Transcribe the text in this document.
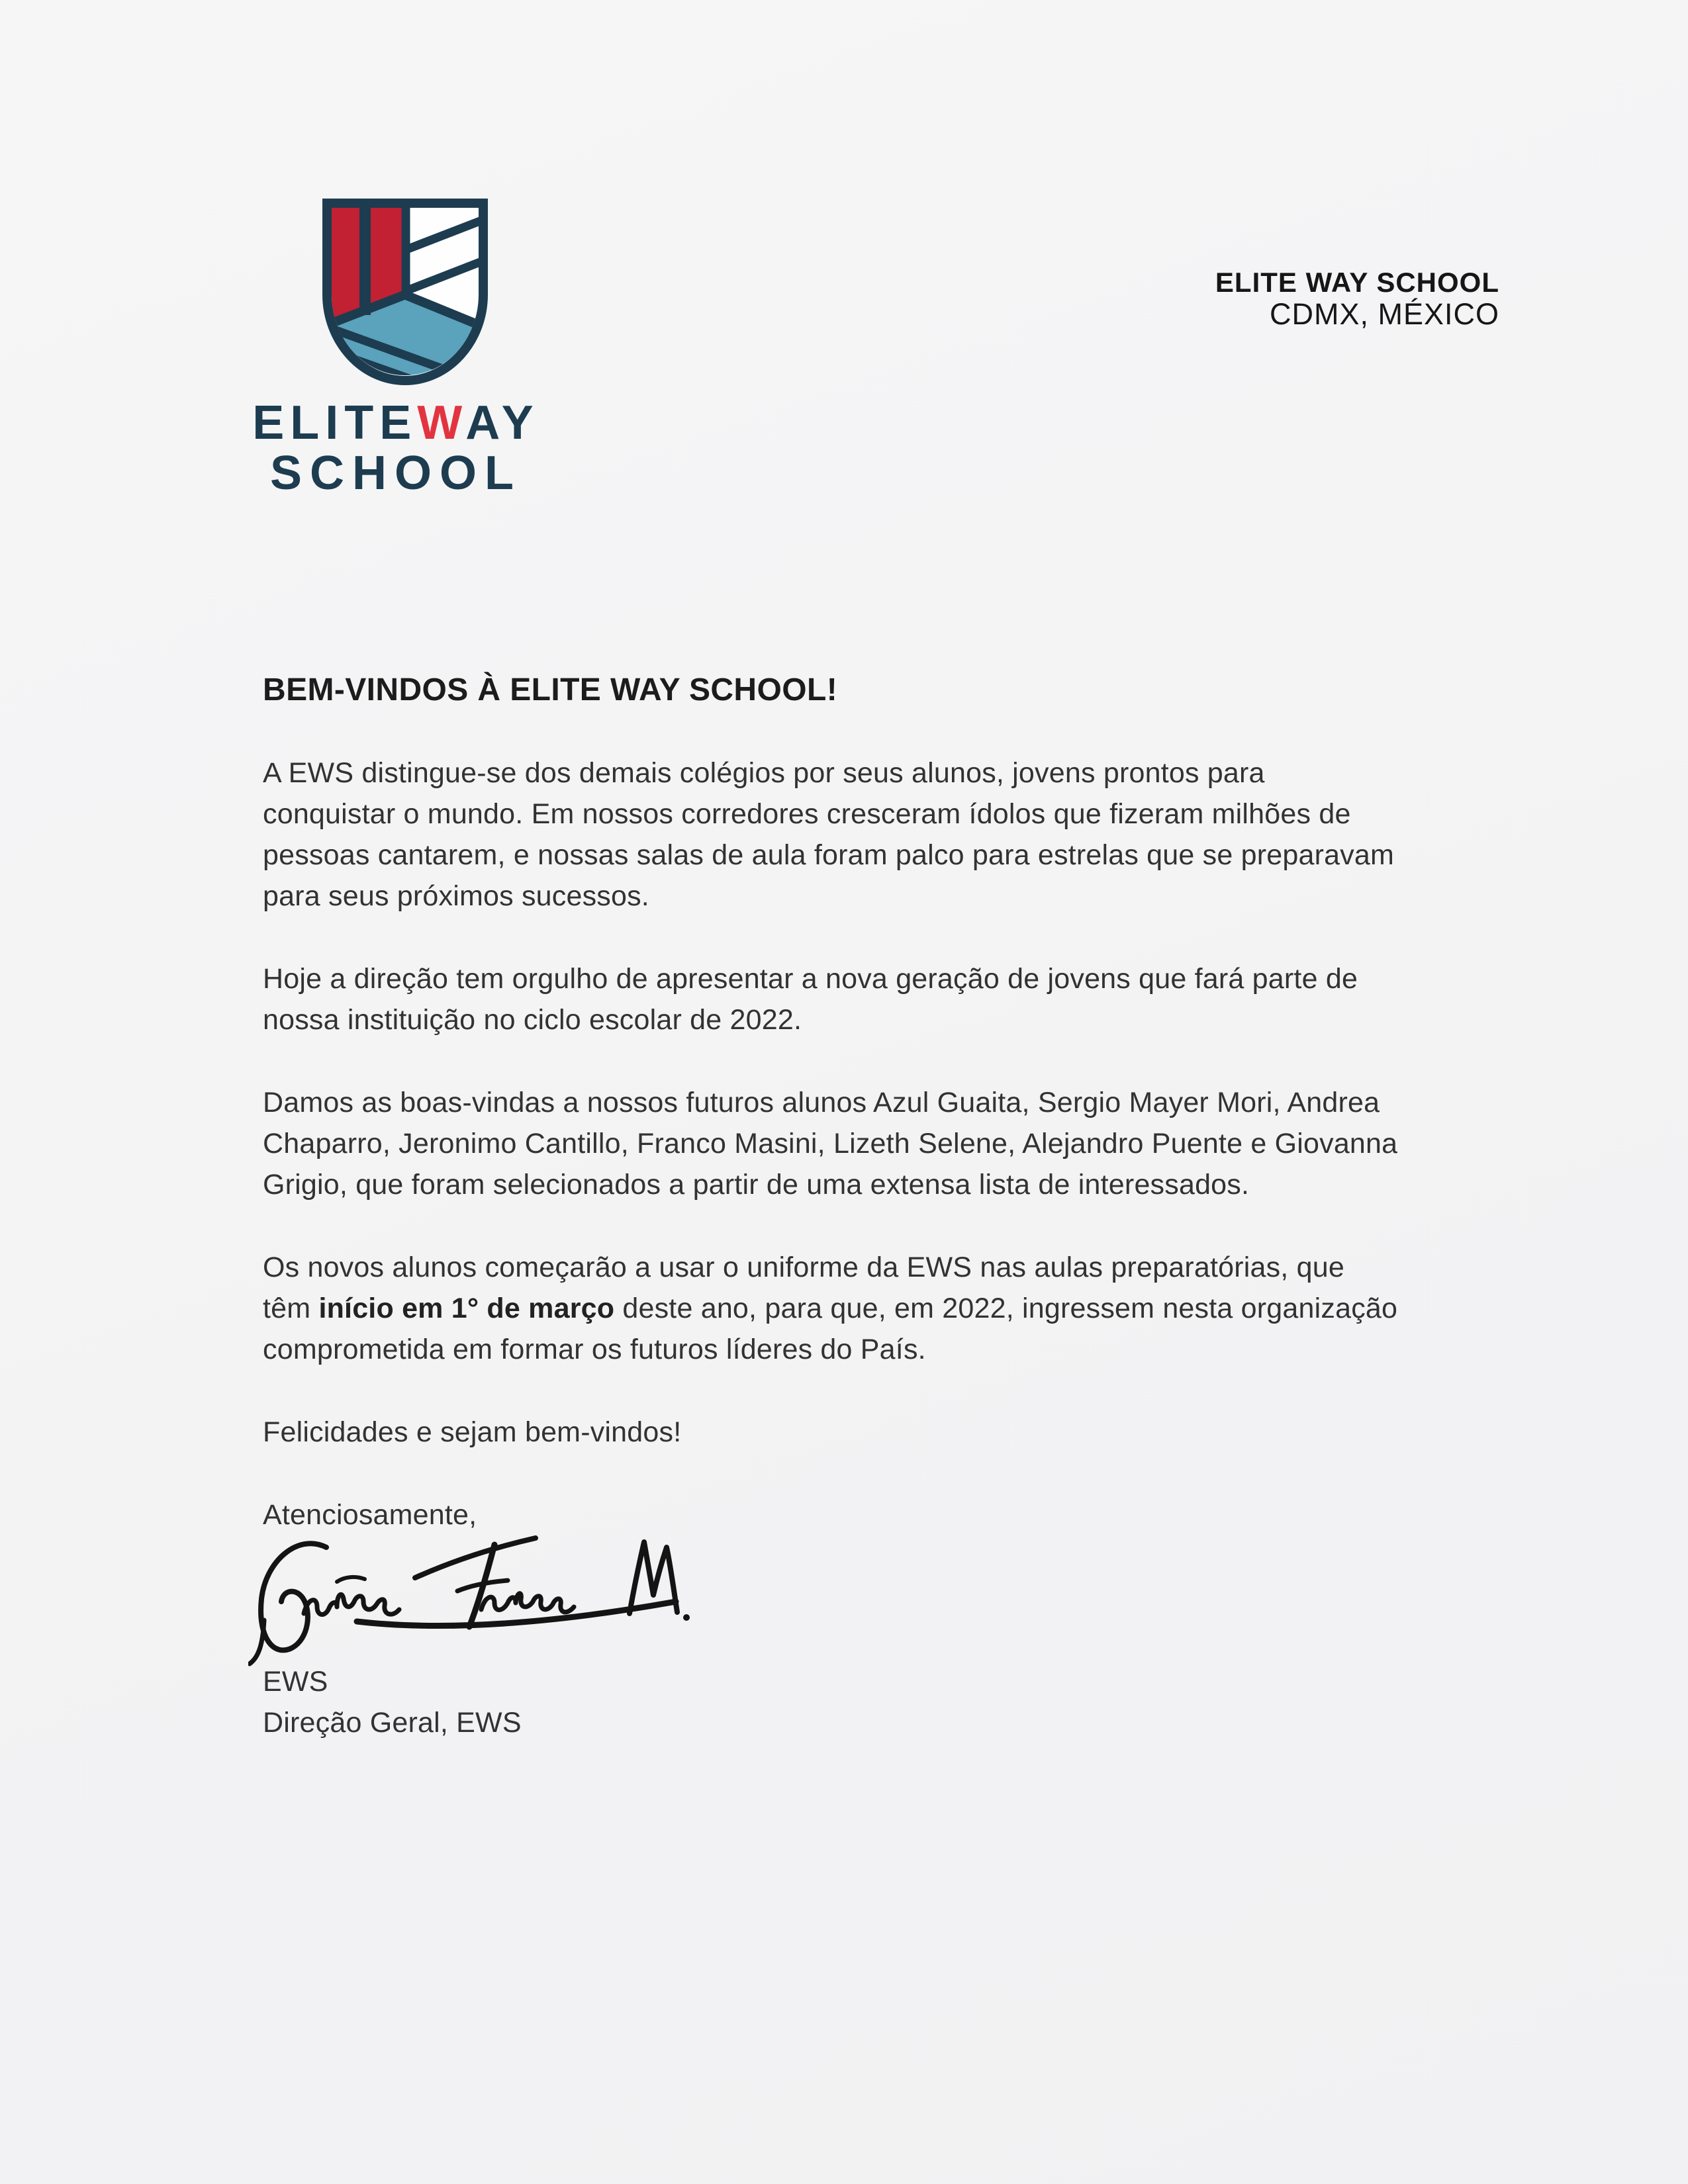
ELITEWAY
SCHOOL
ELITE WAY SCHOOL
CDMX, MÉXICO
BEM-VINDOS À ELITE WAY SCHOOL!

A EWS distingue-se dos demais colégios por seus alunos, jovens prontos para
conquistar o mundo. Em nossos corredores cresceram ídolos que fizeram milhões de
pessoas cantarem, e nossas salas de aula foram palco para estrelas que se preparavam
para seus próximos sucessos.

Hoje a direção tem orgulho de apresentar a nova geração de jovens que fará parte de
nossa instituição no ciclo escolar de 2022.

Damos as boas-vindas a nossos futuros alunos Azul Guaita, Sergio Mayer Mori, Andrea
Chaparro, Jeronimo Cantillo, Franco Masini, Lizeth Selene, Alejandro Puente e Giovanna
Grigio, que foram selecionados a partir de uma extensa lista de interessados.

Os novos alunos começarão a usar o uniforme da EWS nas aulas preparatórias, que
têm início em 1° de março deste ano, para que, em 2022, ingressem nesta organização
comprometida em formar os futuros líderes do País.

Felicidades e sejam bem-vindos!

Atenciosamente,

EWS
Direção Geral, EWS
